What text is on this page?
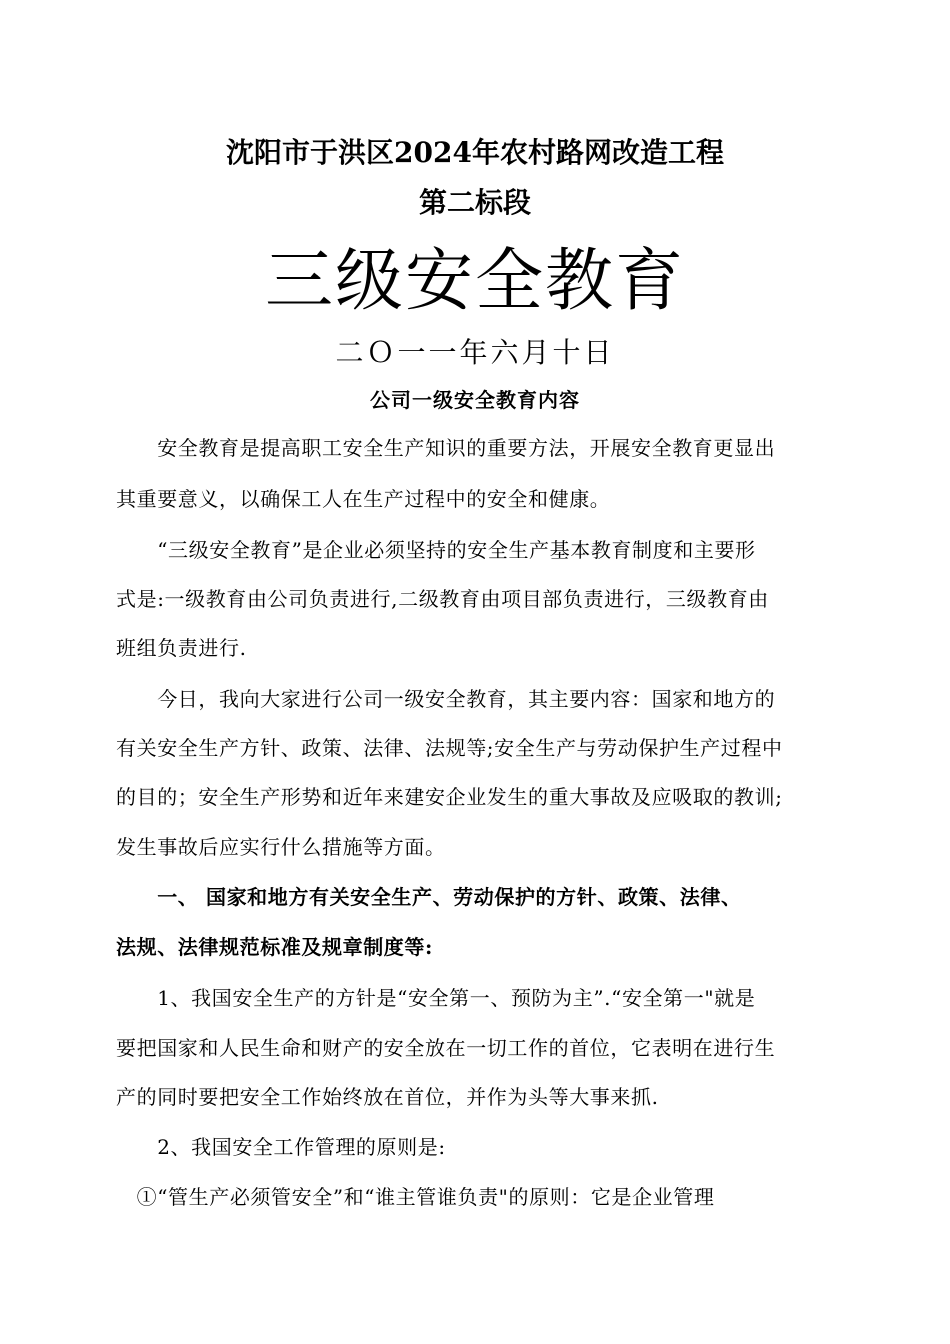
沈阳市于洪区2024年农村路网改造工程
第二标段
三级安全教育
二Ｏ一一年六月十日
公司一级安全教育内容
　　安全教育是提高职工安全生产知识的重要方法，开展安全教育更显出
其重要意义，以确保工人在生产过程中的安全和健康。
　　“三级安全教育”是企业必须坚持的安全生产基本教育制度和主要形
式是:一级教育由公司负责进行,二级教育由项目部负责进行，三级教育由
班组负责进行.
　　今日，我向大家进行公司一级安全教育，其主要内容：国家和地方的
有关安全生产方针、政策、法律、法规等;安全生产与劳动保护生产过程中
的目的；安全生产形势和近年来建安企业发生的重大事故及应吸取的教训;
发生事故后应实行什么措施等方面。
　　一、 国家和地方有关安全生产、劳动保护的方针、政策、法律、
法规、法律规范标准及规章制度等:
　　1、我国安全生产的方针是“安全第一、预防为主”.“安全第一"就是
要把国家和人民生命和财产的安全放在一切工作的首位，它表明在进行生
产的同时要把安全工作始终放在首位，并作为头等大事来抓.
　　2、我国安全工作管理的原则是:
　①“管生产必须管安全”和“谁主管谁负责"的原则：它是企业管理
